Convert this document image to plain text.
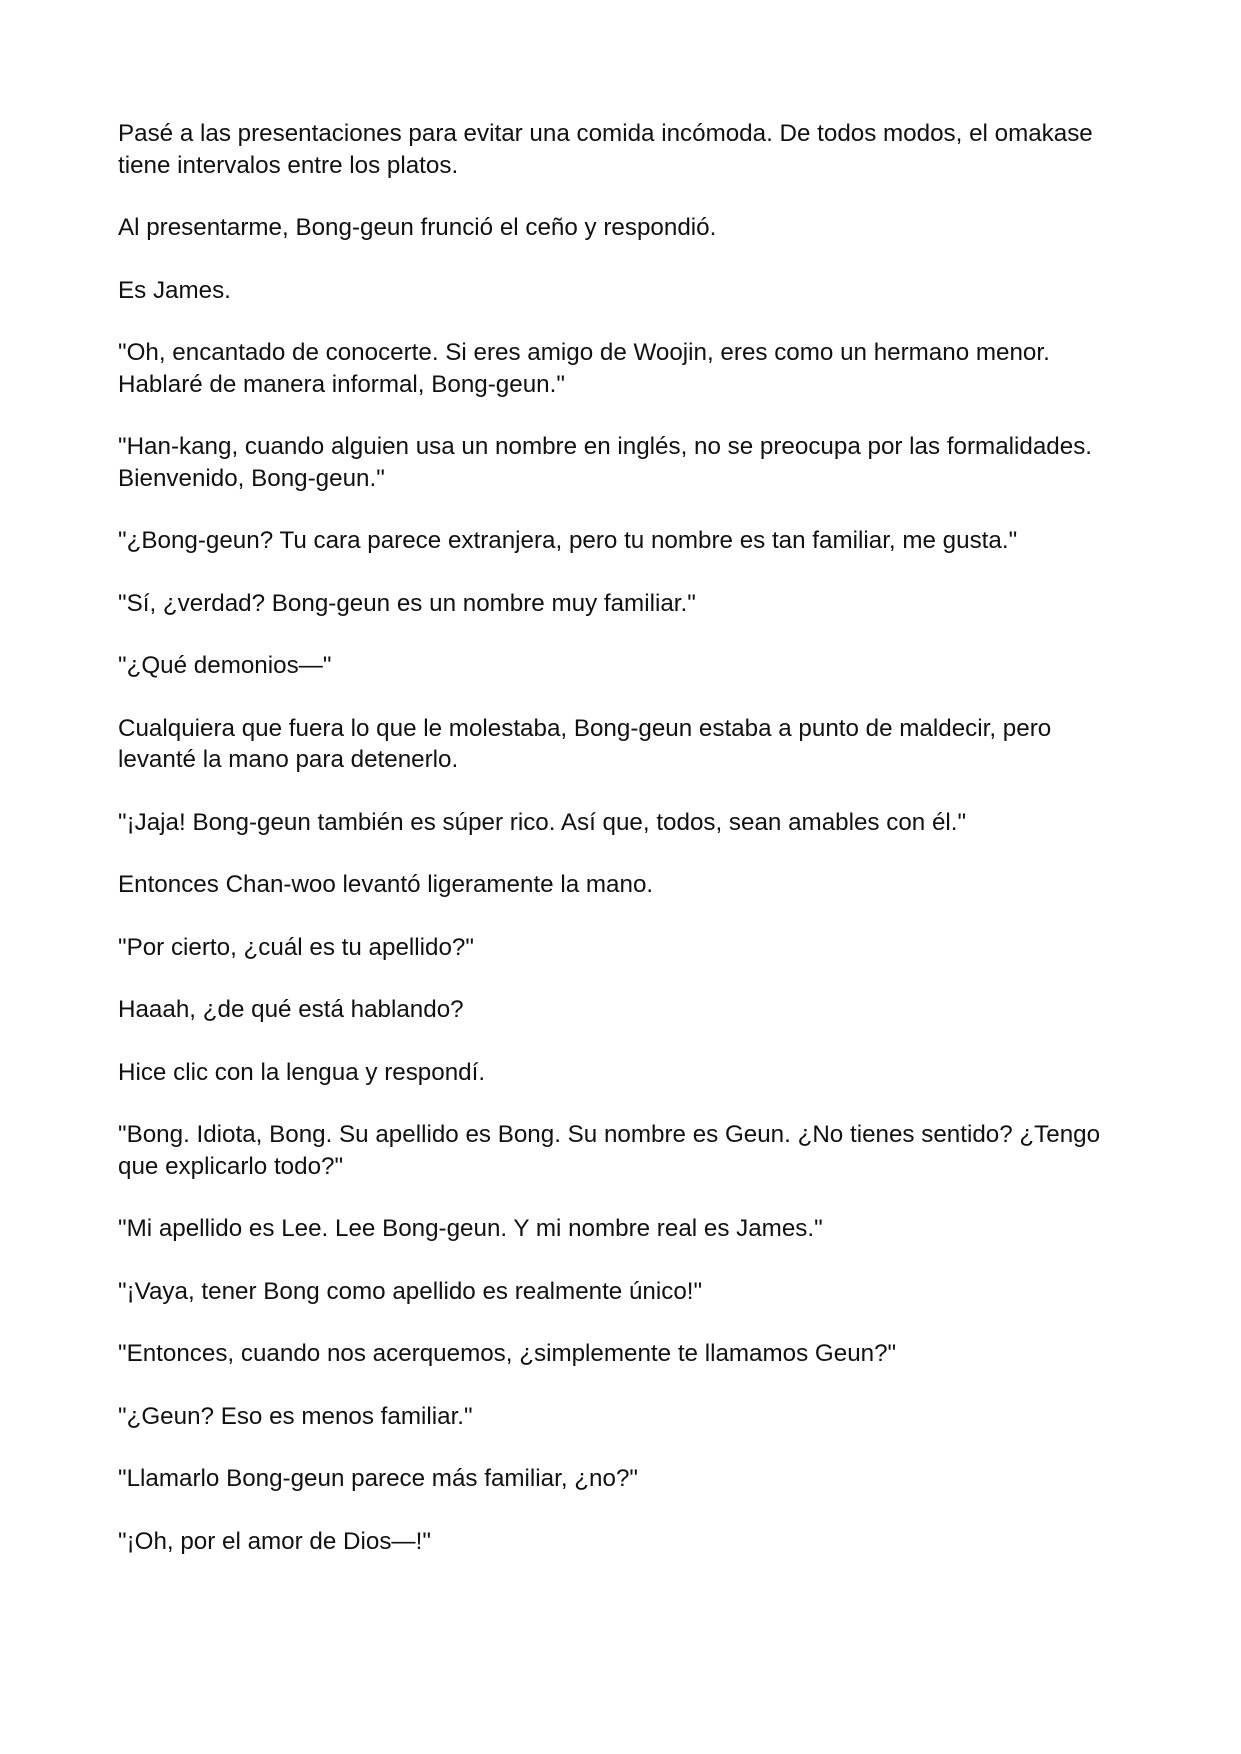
Pasé a las presentaciones para evitar una comida incómoda. De todos modos, el omakase tiene intervalos entre los platos.

Al presentarme, Bong-geun frunció el ceño y respondió.

Es James.

"Oh, encantado de conocerte. Si eres amigo de Woojin, eres como un hermano menor. Hablaré de manera informal, Bong-geun."

"Han-kang, cuando alguien usa un nombre en inglés, no se preocupa por las formalidades. Bienvenido, Bong-geun."

"¿Bong-geun? Tu cara parece extranjera, pero tu nombre es tan familiar, me gusta."

"Sí, ¿verdad? Bong-geun es un nombre muy familiar."

"¿Qué demonios—"

Cualquiera que fuera lo que le molestaba, Bong-geun estaba a punto de maldecir, pero levanté la mano para detenerlo.

"¡Jaja! Bong-geun también es súper rico. Así que, todos, sean amables con él."

Entonces Chan-woo levantó ligeramente la mano.

"Por cierto, ¿cuál es tu apellido?"

Haaah, ¿de qué está hablando?

Hice clic con la lengua y respondí.

"Bong. Idiota, Bong. Su apellido es Bong. Su nombre es Geun. ¿No tienes sentido? ¿Tengo que explicarlo todo?"

"Mi apellido es Lee. Lee Bong-geun. Y mi nombre real es James."

"¡Vaya, tener Bong como apellido es realmente único!"

"Entonces, cuando nos acerquemos, ¿simplemente te llamamos Geun?"

"¿Geun? Eso es menos familiar."

"Llamarlo Bong-geun parece más familiar, ¿no?"

"¡Oh, por el amor de Dios—!"
